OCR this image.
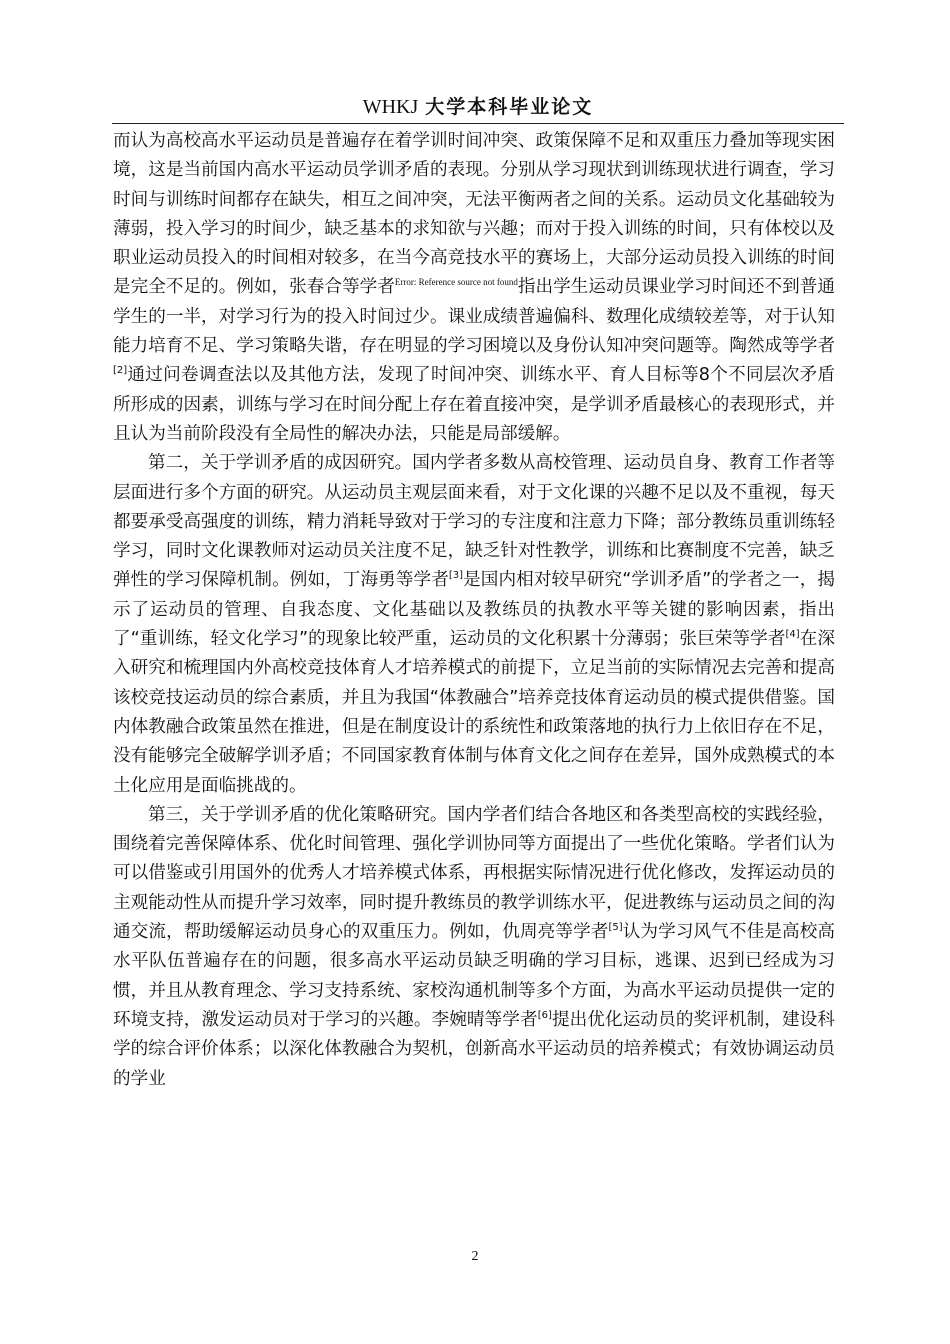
WHKJ 大学本科毕业论文

而认为高校高水平运动员是普遍存在着学训时间冲突、政策保障不足和双重压力叠加等现实困境，这是当前国内高水平运动员学训矛盾的表现。分别从学习现状到训练现状进行调查，学习时间与训练时间都存在缺失，相互之间冲突，无法平衡两者之间的关系。运动员文化基础较为薄弱，投入学习的时间少，缺乏基本的求知欲与兴趣；而对于投入训练的时间，只有体校以及职业运动员投入的时间相对较多，在当今高竞技水平的赛场上，大部分运动员投入训练的时间是完全不足的。例如，张春合等学者$^{Error: Reference source not found}$指出学生运动员课业学习时间还不到普通学生的一半，对学习行为的投入时间过少。课业成绩普遍偏科、数理化成绩较差等，对于认知能力培育不足、学习策略失谐，存在明显的学习困境以及身份认知冲突问题等。陶然成等学者[2]通过问卷调查法以及其他方法，发现了时间冲突、训练水平、育人目标等8个不同层次矛盾所形成的因素，训练与学习在时间分配上存在着直接冲突，是学训矛盾最核心的表现形式，并且认为当前阶段没有全局性的解决办法，只能是局部缓解。

第二，关于学训矛盾的成因研究。国内学者多数从高校管理、运动员自身、教育工作者等层面进行多个方面的研究。从运动员主观层面来看，对于文化课的兴趣不足以及不重视，每天都要承受高强度的训练，精力消耗导致对于学习的专注度和注意力下降；部分教练员重训练轻学习，同时文化课教师对运动员关注度不足，缺乏针对性教学，训练和比赛制度不完善，缺乏弹性的学习保障机制。例如，丁海勇等学者[3]是国内相对较早研究“学训矛盾”的学者之一，揭示了运动员的管理、自我态度、文化基础以及教练员的执教水平等关键的影响因素，指出了“重训练，轻文化学习”的现象比较严重，运动员的文化积累十分薄弱；张巨荣等学者[4]在深入研究和梳理国内外高校竞技体育人才培养模式的前提下，立足当前的实际情况去完善和提高该校竞技运动员的综合素质，并且为我国“体教融合”培养竞技体育运动员的模式提供借鉴。国内体教融合政策虽然在推进，但是在制度设计的系统性和政策落地的执行力上依旧存在不足，没有能够完全破解学训矛盾；不同国家教育体制与体育文化之间存在差异，国外成熟模式的本土化应用是面临挑战的。

第三，关于学训矛盾的优化策略研究。国内学者们结合各地区和各类型高校的实践经验，围绕着完善保障体系、优化时间管理、强化学训协同等方面提出了一些优化策略。学者们认为可以借鉴或引用国外的优秀人才培养模式体系，再根据实际情况进行优化修改，发挥运动员的主观能动性从而提升学习效率，同时提升教练员的教学训练水平，促进教练与运动员之间的沟通交流，帮助缓解运动员身心的双重压力。例如，仇周亮等学者[5]认为学习风气不佳是高校高水平队伍普遍存在的问题，很多高水平运动员缺乏明确的学习目标，逃课、迟到已经成为习惯，并且从教育理念、学习支持系统、家校沟通机制等多个方面，为高水平运动员提供一定的环境支持，激发运动员对于学习的兴趣。李婉晴等学者[6]提出优化运动员的奖评机制，建设科学的综合评价体系；以深化体教融合为契机，创新高水平运动员的培养模式；有效协调运动员的学业

2
